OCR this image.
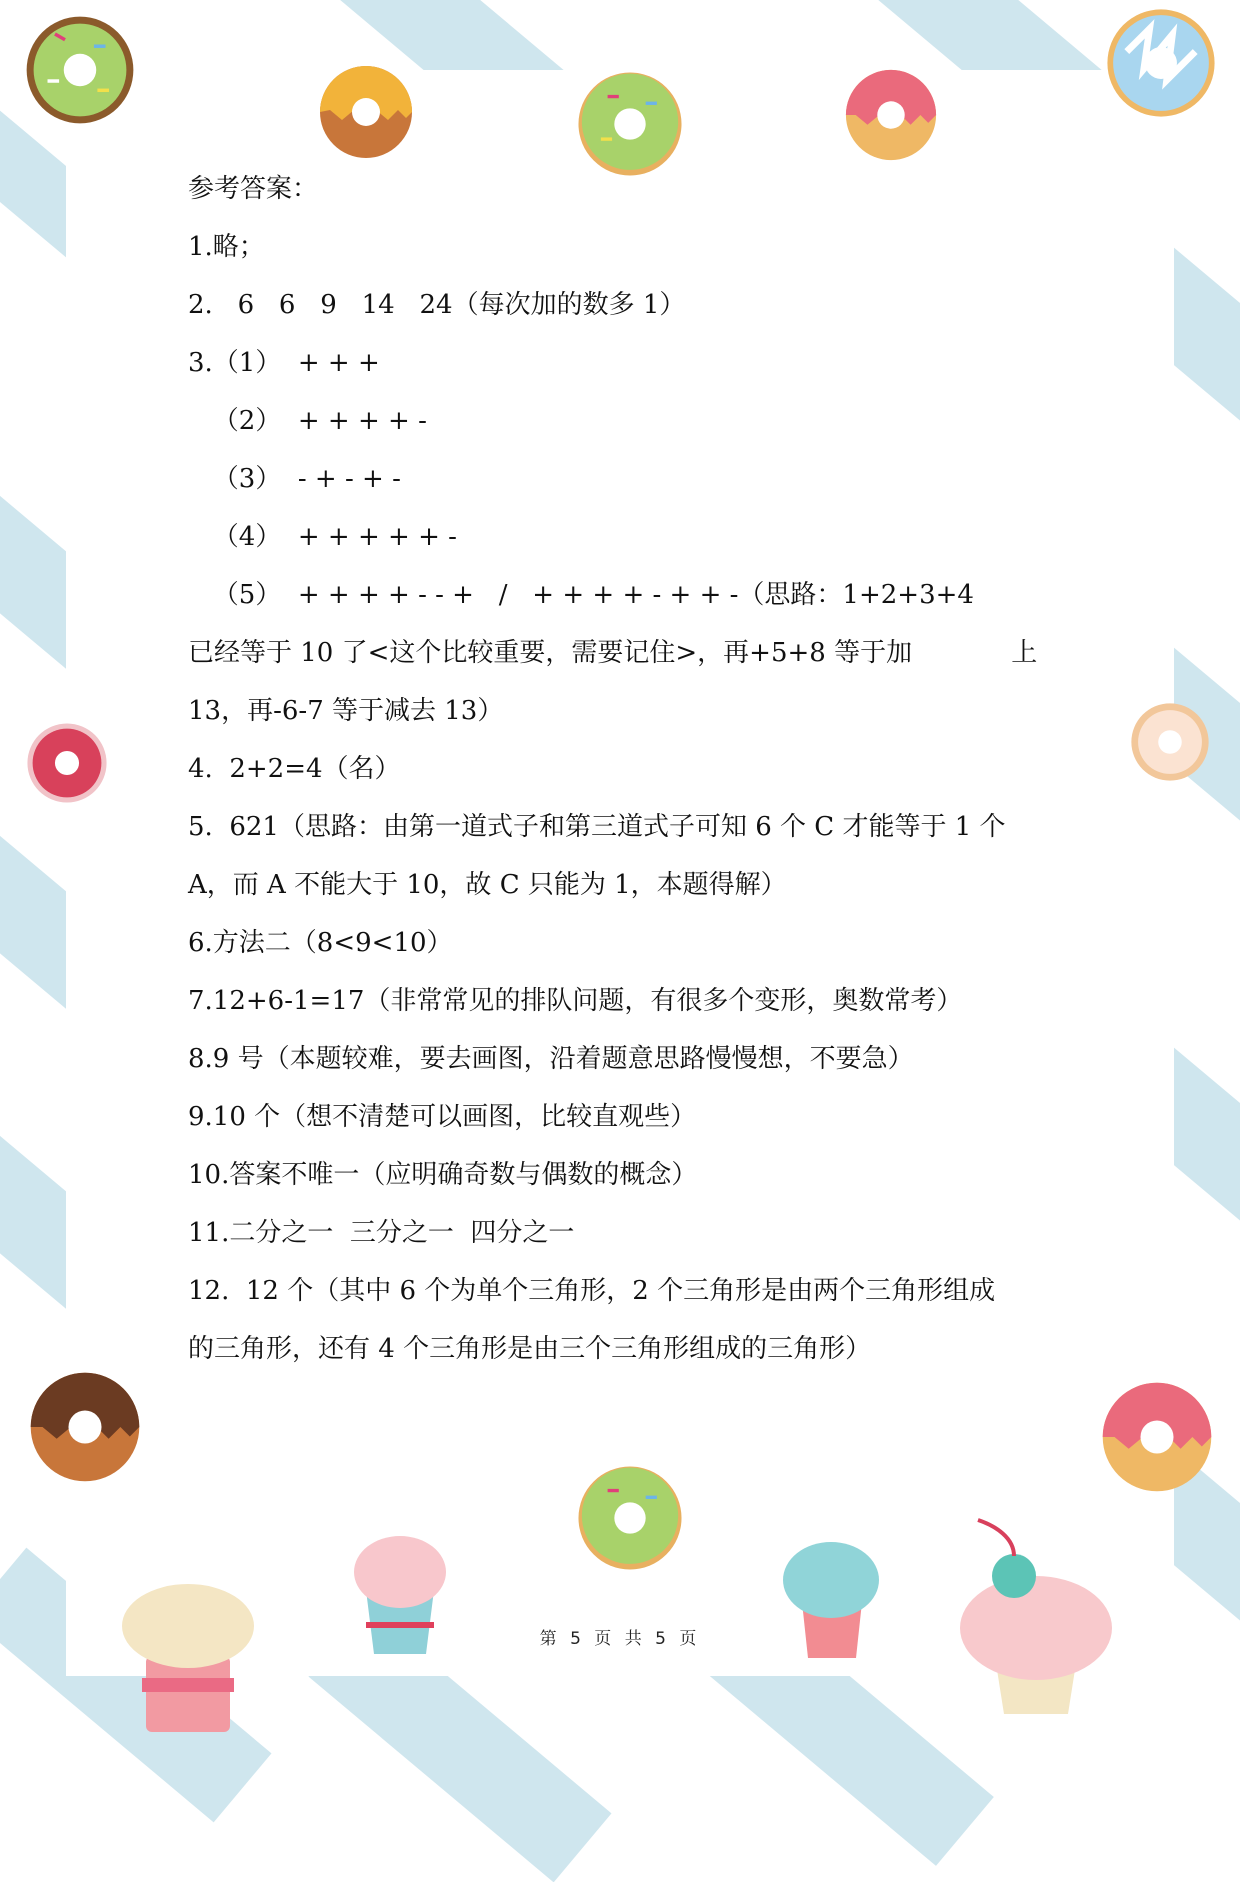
参考答案：
1.略；
2.   6   6   9   14   24（每次加的数多 1）
3.（1）  + + +
（2）  + + + + -
（3）  - + - + -
（4）  + + + + + -
（5）  + + + + - - +   /   + + + + - + + -（思路：1+2+3+4
已经等于 10 了<这个比较重要，需要记住>，再+5+8 等于加            上
13，再-6-7 等于减去 13）
4.  2+2=4（名）
5.  621（思路：由第一道式子和第三道式子可知 6 个 C 才能等于 1 个
A，而 A 不能大于 10，故 C 只能为 1，本题得解）
6.方法二（8<9<10）
7.12+6-1=17（非常常见的排队问题，有很多个变形，奥数常考）
8.9 号（本题较难，要去画图，沿着题意思路慢慢想，不要急）
9.10 个（想不清楚可以画图，比较直观些）
10.答案不唯一（应明确奇数与偶数的概念）
11.二分之一  三分之一  四分之一
12.  12 个（其中 6 个为单个三角形，2 个三角形是由两个三角形组成
的三角形，还有 4 个三角形是由三个三角形组成的三角形）
第 5 页 共 5 页
